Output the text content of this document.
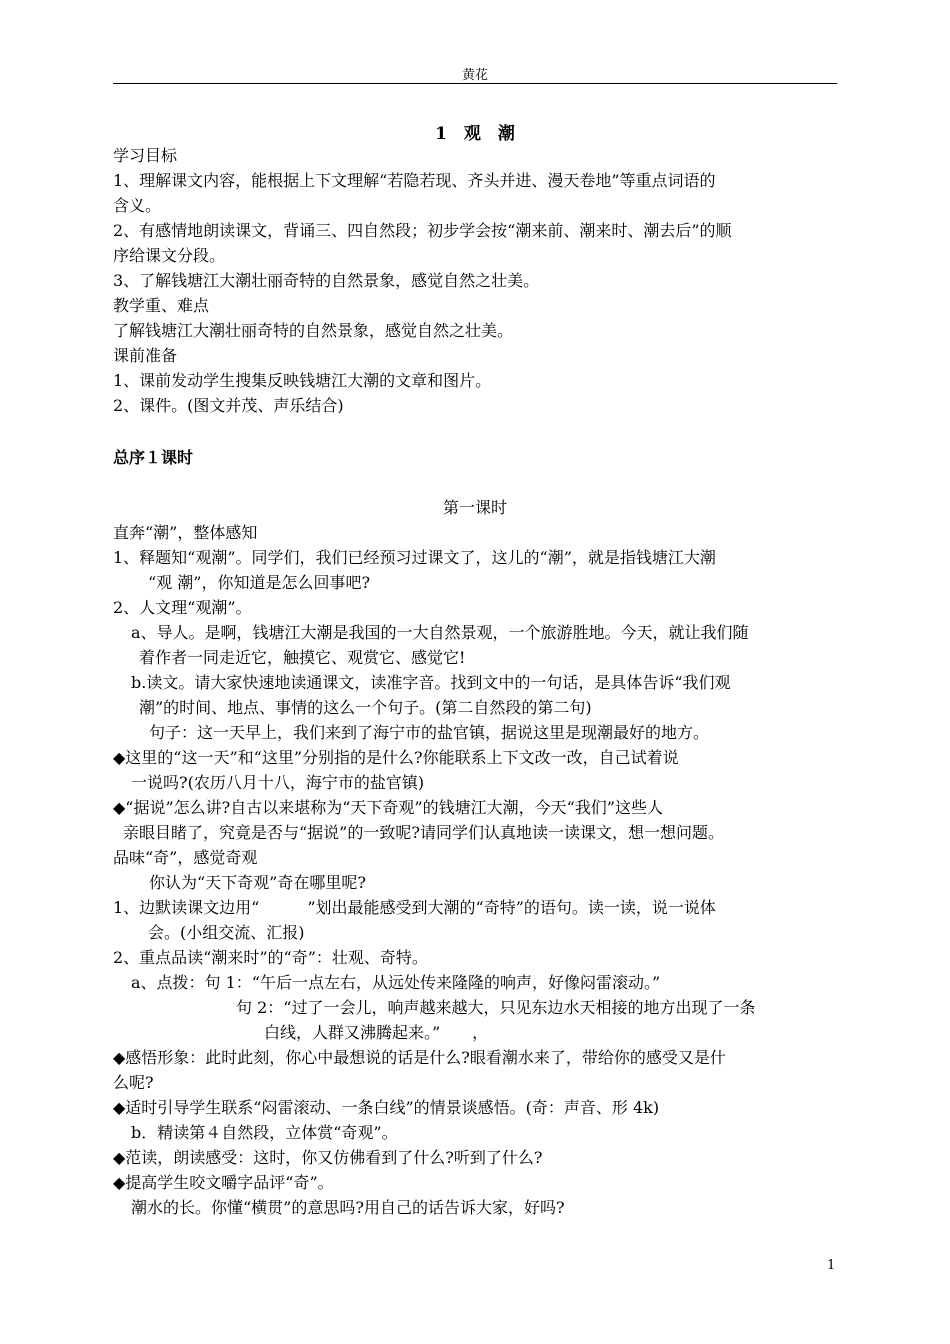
黄花
1　观　潮
学习目标
1、理解课文内容，能根据上下文理解“若隐若现、齐头并进、漫天卷地”等重点词语的
含义。
2、有感情地朗读课文，背诵三、四自然段；初步学会按“潮来前、潮来时、潮去后”的顺
序给课文分段。
3、了解钱塘江大潮壮丽奇特的自然景象，感觉自然之壮美。
教学重、难点
了解钱塘江大潮壮丽奇特的自然景象，感觉自然之壮美。
课前准备
1、课前发动学生搜集反映钱塘江大潮的文章和图片。
2、课件。(图文并茂、声乐结合)
总序１课时
第一课时
直奔“潮”，整体感知
1、释题知“观潮”。同学们，我们已经预习过课文了，这儿的“潮”，就是指钱塘江大潮
“观 潮”，你知道是怎么回事吧?
2、人文理“观潮”。
a、导人。是啊，钱塘江大潮是我国的一大自然景观，一个旅游胜地。今天，就让我们随
着作者一同走近它，触摸它、观赏它、感觉它!
b.读文。请大家快速地读通课文，读准字音。找到文中的一句话，是具体告诉“我们观
潮”的时间、地点、事情的这么一个句子。(第二自然段的第二句)
句子：这一天早上，我们来到了海宁市的盐官镇，据说这里是现潮最好的地方。
◆这里的“这一天”和“这里”分别指的是什么?你能联系上下文改一改，自己试着说
一说吗?(农历八月十八，海宁市的盐官镇)
◆“据说”怎么讲?自古以来堪称为“天下奇观”的钱塘江大潮，今天“我们”这些人
亲眼目睹了，究竟是否与“据说”的一致呢?请同学们认真地读一读课文，想一想问题。
品味“奇”，感觉奇观
你认为“天下奇观”奇在哪里呢?
1、边默读课文边用“　　　”划出最能感受到大潮的“奇特”的语句。读一读，说一说体
会。(小组交流、汇报)
2、重点品读“潮来时”的“奇”：壮观、奇特。
a、点拨：句 1：“午后一点左右，从远处传来隆隆的响声，好像闷雷滚动。”
句 2：“过了一会儿，响声越来越大，只见东边水天相接的地方出现了一条
白线，人群又沸腾起来。”　　，
◆感悟形象：此时此刻，你心中最想说的话是什么?眼看潮水来了，带给你的感受又是什
么呢?
◆适时引导学生联系“闷雷滚动、一条白线”的情景谈感悟。(奇：声音、形 4k)
b．精读第４自然段，立体赏“奇观”。
◆范读，朗读感受：这时，你又仿佛看到了什么?听到了什么?
◆提高学生咬文嚼字品评“奇”。
潮水的长。你懂“横贯”的意思吗?用自己的话告诉大家，好吗?
1
